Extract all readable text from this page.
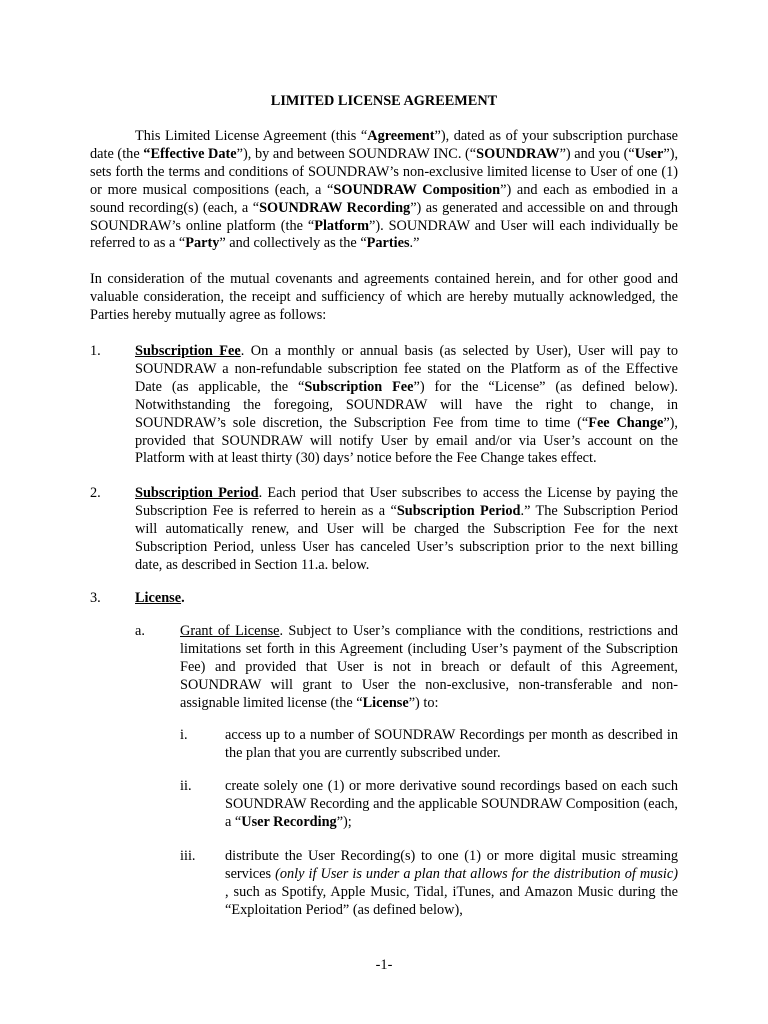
LIMITED LICENSE AGREEMENT

This Limited License Agreement (this “Agreement”), dated as of your subscription purchase date (the “Effective Date”), by and between SOUNDRAW INC. (“SOUNDRAW”) and you (“User”), sets forth the terms and conditions of SOUNDRAW’s non-exclusive limited license to User of one (1) or more musical compositions (each, a “SOUNDRAW Composition”) and each as embodied in a sound recording(s) (each, a “SOUNDRAW Recording”) as generated and accessible on and through SOUNDRAW’s online platform (the “Platform”). SOUNDRAW and User will each individually be referred to as a “Party” and collectively as the “Parties.”

In consideration of the mutual covenants and agreements contained herein, and for other good and valuable consideration, the receipt and sufficiency of which are hereby mutually acknowledged, the Parties hereby mutually agree as follows:

1. Subscription Fee. On a monthly or annual basis (as selected by User), User will pay to SOUNDRAW a non-refundable subscription fee stated on the Platform as of the Effective Date (as applicable, the “Subscription Fee”) for the “License” (as defined below). Notwithstanding the foregoing, SOUNDRAW will have the right to change, in SOUNDRAW’s sole discretion, the Subscription Fee from time to time (“Fee Change”), provided that SOUNDRAW will notify User by email and/or via User’s account on the Platform with at least thirty (30) days’ notice before the Fee Change takes effect.
2. Subscription Period. Each period that User subscribes to access the License by paying the Subscription Fee is referred to herein as a “Subscription Period.” The Subscription Period will automatically renew, and User will be charged the Subscription Fee for the next Subscription Period, unless User has canceled User’s subscription prior to the next billing date, as described in Section 11.a. below.
3. License.
a. Grant of License. Subject to User’s compliance with the conditions, restrictions and limitations set forth in this Agreement (including User’s payment of the Subscription Fee) and provided that User is not in breach or default of this Agreement, SOUNDRAW will grant to User the non-exclusive, non-transferable and non-assignable limited license (the “License”) to:
i.	access up to a number of SOUNDRAW Recordings per month as described in the plan that you are currently subscribed under.
ii. create solely one (1) or more derivative sound recordings based on each such SOUNDRAW Recording and the applicable SOUNDRAW Composition (each, a “User Recording”);
iii. distribute the User Recording(s) to one (1) or more digital music streaming services (only if User is under a plan that allows for the distribution of music) , such as Spotify, Apple Music, Tidal, iTunes, and Amazon Music during the “Exploitation Period” (as defined below),
-1-
